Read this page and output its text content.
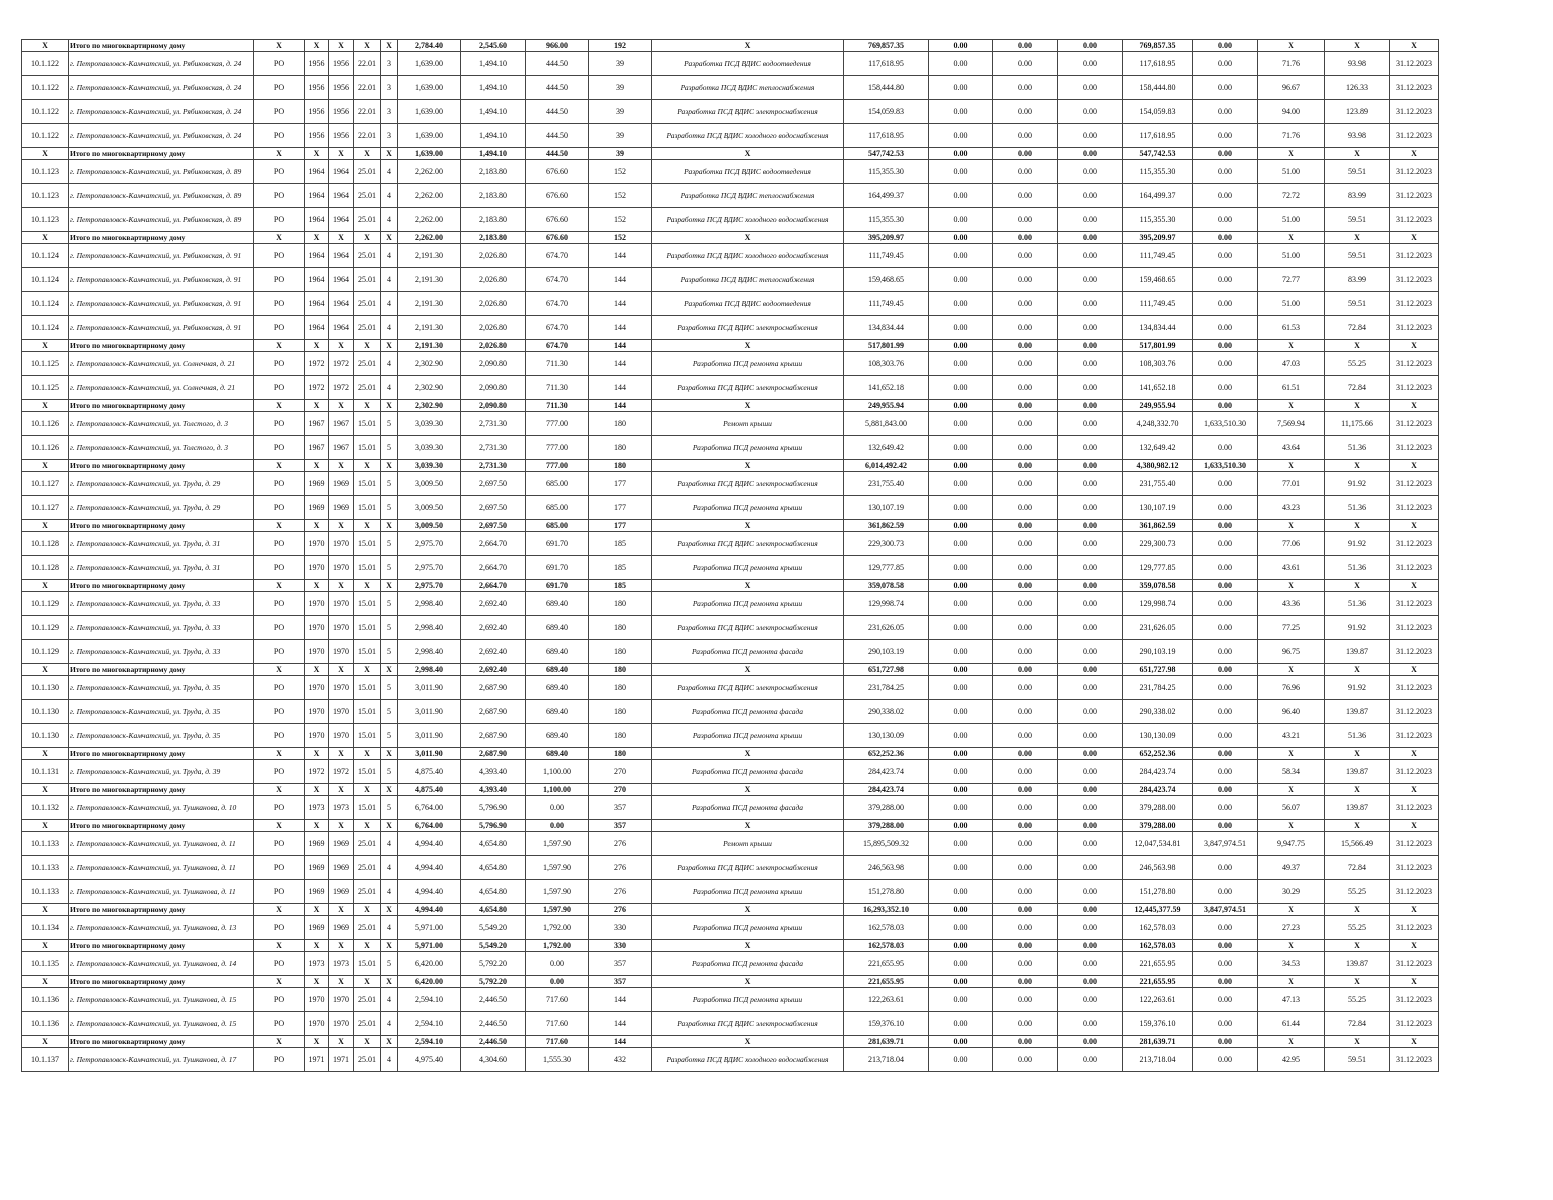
X	Итого по многоквартирному дому	X	X	X	X	X	2,784.40	2,545.60	966.00	192	X	769,857.35	0.00	0.00	0.00	769,857.35	0.00	X	X	X
10.1.122	г. Петропавловск-Камчатский, ул. Рябиковская, д. 24	РО	1956	1956	22.01	3	1,639.00	1,494.10	444.50	39	Разработка ПСД ВДИС водоотведения	117,618.95	0.00	0.00	0.00	117,618.95	0.00	71.76	93.98	31.12.2023
10.1.122	г. Петропавловск-Камчатский, ул. Рябиковская, д. 24	РО	1956	1956	22.01	3	1,639.00	1,494.10	444.50	39	Разработка ПСД ВДИС теплоснабжения	158,444.80	0.00	0.00	0.00	158,444.80	0.00	96.67	126.33	31.12.2023
10.1.122	г. Петропавловск-Камчатский, ул. Рябиковская, д. 24	РО	1956	1956	22.01	3	1,639.00	1,494.10	444.50	39	Разработка ПСД ВДИС электроснабжения	154,059.83	0.00	0.00	0.00	154,059.83	0.00	94.00	123.89	31.12.2023
10.1.122	г. Петропавловск-Камчатский, ул. Рябиковская, д. 24	РО	1956	1956	22.01	3	1,639.00	1,494.10	444.50	39	Разработка ПСД ВДИС холодного водоснабжения	117,618.95	0.00	0.00	0.00	117,618.95	0.00	71.76	93.98	31.12.2023
X	Итого по многоквартирному дому	X	X	X	X	X	1,639.00	1,494.10	444.50	39	X	547,742.53	0.00	0.00	0.00	547,742.53	0.00	X	X	X
10.1.123	г. Петропавловск-Камчатский, ул. Рябиковская, д. 89	РО	1964	1964	25.01	4	2,262.00	2,183.80	676.60	152	Разработка ПСД ВДИС водоотведения	115,355.30	0.00	0.00	0.00	115,355.30	0.00	51.00	59.51	31.12.2023
10.1.123	г. Петропавловск-Камчатский, ул. Рябиковская, д. 89	РО	1964	1964	25.01	4	2,262.00	2,183.80	676.60	152	Разработка ПСД ВДИС теплоснабжения	164,499.37	0.00	0.00	0.00	164,499.37	0.00	72.72	83.99	31.12.2023
10.1.123	г. Петропавловск-Камчатский, ул. Рябиковская, д. 89	РО	1964	1964	25.01	4	2,262.00	2,183.80	676.60	152	Разработка ПСД ВДИС холодного водоснабжения	115,355.30	0.00	0.00	0.00	115,355.30	0.00	51.00	59.51	31.12.2023
X	Итого по многоквартирному дому	X	X	X	X	X	2,262.00	2,183.80	676.60	152	X	395,209.97	0.00	0.00	0.00	395,209.97	0.00	X	X	X
10.1.124	г. Петропавловск-Камчатский, ул. Рябиковская, д. 91	РО	1964	1964	25.01	4	2,191.30	2,026.80	674.70	144	Разработка ПСД ВДИС холодного водоснабжения	111,749.45	0.00	0.00	0.00	111,749.45	0.00	51.00	59.51	31.12.2023
10.1.124	г. Петропавловск-Камчатский, ул. Рябиковская, д. 91	РО	1964	1964	25.01	4	2,191.30	2,026.80	674.70	144	Разработка ПСД ВДИС теплоснабжения	159,468.65	0.00	0.00	0.00	159,468.65	0.00	72.77	83.99	31.12.2023
10.1.124	г. Петропавловск-Камчатский, ул. Рябиковская, д. 91	РО	1964	1964	25.01	4	2,191.30	2,026.80	674.70	144	Разработка ПСД ВДИС водоотведения	111,749.45	0.00	0.00	0.00	111,749.45	0.00	51.00	59.51	31.12.2023
10.1.124	г. Петропавловск-Камчатский, ул. Рябиковская, д. 91	РО	1964	1964	25.01	4	2,191.30	2,026.80	674.70	144	Разработка ПСД ВДИС электроснабжения	134,834.44	0.00	0.00	0.00	134,834.44	0.00	61.53	72.84	31.12.2023
X	Итого по многоквартирному дому	X	X	X	X	X	2,191.30	2,026.80	674.70	144	X	517,801.99	0.00	0.00	0.00	517,801.99	0.00	X	X	X
10.1.125	г. Петропавловск-Камчатский, ул. Солнечная, д. 21	РО	1972	1972	25.01	4	2,302.90	2,090.80	711.30	144	Разработка ПСД ремонта крыши	108,303.76	0.00	0.00	0.00	108,303.76	0.00	47.03	55.25	31.12.2023
10.1.125	г. Петропавловск-Камчатский, ул. Солнечная, д. 21	РО	1972	1972	25.01	4	2,302.90	2,090.80	711.30	144	Разработка ПСД ВДИС электроснабжения	141,652.18	0.00	0.00	0.00	141,652.18	0.00	61.51	72.84	31.12.2023
X	Итого по многоквартирному дому	X	X	X	X	X	2,302.90	2,090.80	711.30	144	X	249,955.94	0.00	0.00	0.00	249,955.94	0.00	X	X	X
10.1.126	г. Петропавловск-Камчатский, ул. Толстого, д. 3	РО	1967	1967	15.01	5	3,039.30	2,731.30	777.00	180	Ремонт крыши	5,881,843.00	0.00	0.00	0.00	4,248,332.70	1,633,510.30	7,569.94	11,175.66	31.12.2023
10.1.126	г. Петропавловск-Камчатский, ул. Толстого, д. 3	РО	1967	1967	15.01	5	3,039.30	2,731.30	777.00	180	Разработка ПСД ремонта крыши	132,649.42	0.00	0.00	0.00	132,649.42	0.00	43.64	51.36	31.12.2023
X	Итого по многоквартирному дому	X	X	X	X	X	3,039.30	2,731.30	777.00	180	X	6,014,492.42	0.00	0.00	0.00	4,380,982.12	1,633,510.30	X	X	X
10.1.127	г. Петропавловск-Камчатский, ул. Труда, д. 29	РО	1969	1969	15.01	5	3,009.50	2,697.50	685.00	177	Разработка ПСД ВДИС электроснабжения	231,755.40	0.00	0.00	0.00	231,755.40	0.00	77.01	91.92	31.12.2023
10.1.127	г. Петропавловск-Камчатский, ул. Труда, д. 29	РО	1969	1969	15.01	5	3,009.50	2,697.50	685.00	177	Разработка ПСД ремонта крыши	130,107.19	0.00	0.00	0.00	130,107.19	0.00	43.23	51.36	31.12.2023
X	Итого по многоквартирному дому	X	X	X	X	X	3,009.50	2,697.50	685.00	177	X	361,862.59	0.00	0.00	0.00	361,862.59	0.00	X	X	X
10.1.128	г. Петропавловск-Камчатский, ул. Труда, д. 31	РО	1970	1970	15.01	5	2,975.70	2,664.70	691.70	185	Разработка ПСД ВДИС электроснабжения	229,300.73	0.00	0.00	0.00	229,300.73	0.00	77.06	91.92	31.12.2023
10.1.128	г. Петропавловск-Камчатский, ул. Труда, д. 31	РО	1970	1970	15.01	5	2,975.70	2,664.70	691.70	185	Разработка ПСД ремонта крыши	129,777.85	0.00	0.00	0.00	129,777.85	0.00	43.61	51.36	31.12.2023
X	Итого по многоквартирному дому	X	X	X	X	X	2,975.70	2,664.70	691.70	185	X	359,078.58	0.00	0.00	0.00	359,078.58	0.00	X	X	X
10.1.129	г. Петропавловск-Камчатский, ул. Труда, д. 33	РО	1970	1970	15.01	5	2,998.40	2,692.40	689.40	180	Разработка ПСД ремонта крыши	129,998.74	0.00	0.00	0.00	129,998.74	0.00	43.36	51.36	31.12.2023
10.1.129	г. Петропавловск-Камчатский, ул. Труда, д. 33	РО	1970	1970	15.01	5	2,998.40	2,692.40	689.40	180	Разработка ПСД ВДИС электроснабжения	231,626.05	0.00	0.00	0.00	231,626.05	0.00	77.25	91.92	31.12.2023
10.1.129	г. Петропавловск-Камчатский, ул. Труда, д. 33	РО	1970	1970	15.01	5	2,998.40	2,692.40	689.40	180	Разработка ПСД ремонта фасада	290,103.19	0.00	0.00	0.00	290,103.19	0.00	96.75	139.87	31.12.2023
X	Итого по многоквартирному дому	X	X	X	X	X	2,998.40	2,692.40	689.40	180	X	651,727.98	0.00	0.00	0.00	651,727.98	0.00	X	X	X
10.1.130	г. Петропавловск-Камчатский, ул. Труда, д. 35	РО	1970	1970	15.01	5	3,011.90	2,687.90	689.40	180	Разработка ПСД ВДИС электроснабжения	231,784.25	0.00	0.00	0.00	231,784.25	0.00	76.96	91.92	31.12.2023
10.1.130	г. Петропавловск-Камчатский, ул. Труда, д. 35	РО	1970	1970	15.01	5	3,011.90	2,687.90	689.40	180	Разработка ПСД ремонта фасада	290,338.02	0.00	0.00	0.00	290,338.02	0.00	96.40	139.87	31.12.2023
10.1.130	г. Петропавловск-Камчатский, ул. Труда, д. 35	РО	1970	1970	15.01	5	3,011.90	2,687.90	689.40	180	Разработка ПСД ремонта крыши	130,130.09	0.00	0.00	0.00	130,130.09	0.00	43.21	51.36	31.12.2023
X	Итого по многоквартирному дому	X	X	X	X	X	3,011.90	2,687.90	689.40	180	X	652,252.36	0.00	0.00	0.00	652,252.36	0.00	X	X	X
10.1.131	г. Петропавловск-Камчатский, ул. Труда, д. 39	РО	1972	1972	15.01	5	4,875.40	4,393.40	1,100.00	270	Разработка ПСД ремонта фасада	284,423.74	0.00	0.00	0.00	284,423.74	0.00	58.34	139.87	31.12.2023
X	Итого по многоквартирному дому	X	X	X	X	X	4,875.40	4,393.40	1,100.00	270	X	284,423.74	0.00	0.00	0.00	284,423.74	0.00	X	X	X
10.1.132	г. Петропавловск-Камчатский, ул. Тушканова, д. 10	РО	1973	1973	15.01	5	6,764.00	5,796.90	0.00	357	Разработка ПСД ремонта фасада	379,288.00	0.00	0.00	0.00	379,288.00	0.00	56.07	139.87	31.12.2023
X	Итого по многоквартирному дому	X	X	X	X	X	6,764.00	5,796.90	0.00	357	X	379,288.00	0.00	0.00	0.00	379,288.00	0.00	X	X	X
10.1.133	г. Петропавловск-Камчатский, ул. Тушканова, д. 11	РО	1969	1969	25.01	4	4,994.40	4,654.80	1,597.90	276	Ремонт крыши	15,895,509.32	0.00	0.00	0.00	12,047,534.81	3,847,974.51	9,947.75	15,566.49	31.12.2023
10.1.133	г. Петропавловск-Камчатский, ул. Тушканова, д. 11	РО	1969	1969	25.01	4	4,994.40	4,654.80	1,597.90	276	Разработка ПСД ВДИС электроснабжения	246,563.98	0.00	0.00	0.00	246,563.98	0.00	49.37	72.84	31.12.2023
10.1.133	г. Петропавловск-Камчатский, ул. Тушканова, д. 11	РО	1969	1969	25.01	4	4,994.40	4,654.80	1,597.90	276	Разработка ПСД ремонта крыши	151,278.80	0.00	0.00	0.00	151,278.80	0.00	30.29	55.25	31.12.2023
X	Итого по многоквартирному дому	X	X	X	X	X	4,994.40	4,654.80	1,597.90	276	X	16,293,352.10	0.00	0.00	0.00	12,445,377.59	3,847,974.51	X	X	X
10.1.134	г. Петропавловск-Камчатский, ул. Тушканова, д. 13	РО	1969	1969	25.01	4	5,971.00	5,549.20	1,792.00	330	Разработка ПСД ремонта крыши	162,578.03	0.00	0.00	0.00	162,578.03	0.00	27.23	55.25	31.12.2023
X	Итого по многоквартирному дому	X	X	X	X	X	5,971.00	5,549.20	1,792.00	330	X	162,578.03	0.00	0.00	0.00	162,578.03	0.00	X	X	X
10.1.135	г. Петропавловск-Камчатский, ул. Тушканова, д. 14	РО	1973	1973	15.01	5	6,420.00	5,792.20	0.00	357	Разработка ПСД ремонта фасада	221,655.95	0.00	0.00	0.00	221,655.95	0.00	34.53	139.87	31.12.2023
X	Итого по многоквартирному дому	X	X	X	X	X	6,420.00	5,792.20	0.00	357	X	221,655.95	0.00	0.00	0.00	221,655.95	0.00	X	X	X
10.1.136	г. Петропавловск-Камчатский, ул. Тушканова, д. 15	РО	1970	1970	25.01	4	2,594.10	2,446.50	717.60	144	Разработка ПСД ремонта крыши	122,263.61	0.00	0.00	0.00	122,263.61	0.00	47.13	55.25	31.12.2023
10.1.136	г. Петропавловск-Камчатский, ул. Тушканова, д. 15	РО	1970	1970	25.01	4	2,594.10	2,446.50	717.60	144	Разработка ПСД ВДИС электроснабжения	159,376.10	0.00	0.00	0.00	159,376.10	0.00	61.44	72.84	31.12.2023
X	Итого по многоквартирному дому	X	X	X	X	X	2,594.10	2,446.50	717.60	144	X	281,639.71	0.00	0.00	0.00	281,639.71	0.00	X	X	X
10.1.137	г. Петропавловск-Камчатский, ул. Тушканова, д. 17	РО	1971	1971	25.01	4	4,975.40	4,304.60	1,555.30	432	Разработка ПСД ВДИС холодного водоснабжения	213,718.04	0.00	0.00	0.00	213,718.04	0.00	42.95	59.51	31.12.2023
